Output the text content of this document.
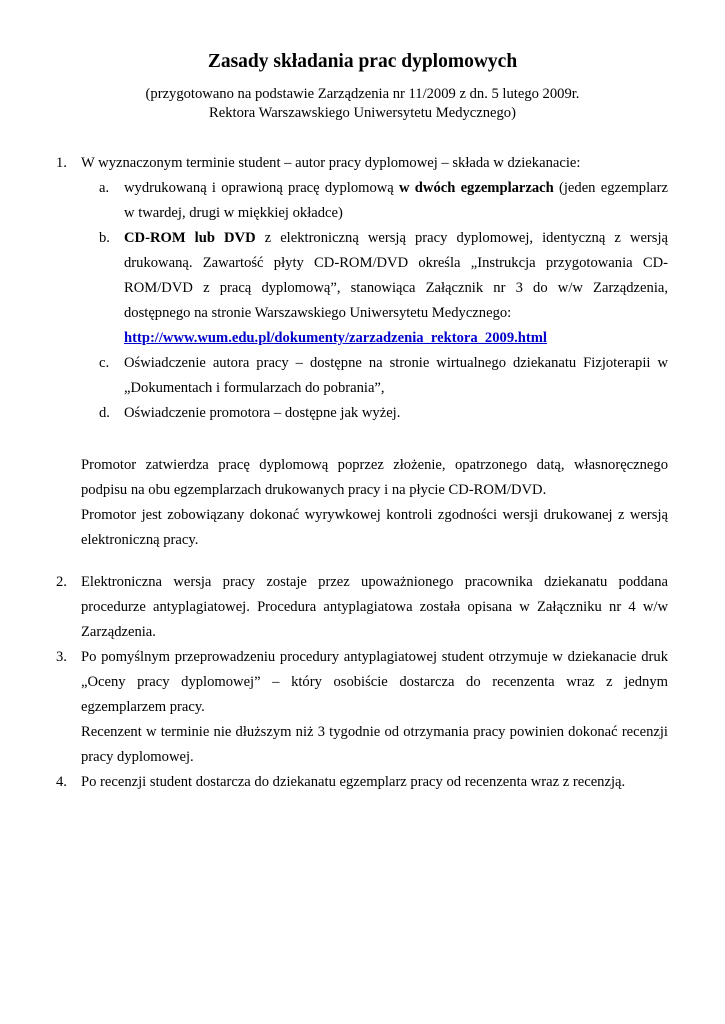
Zasady składania prac dyplomowych
(przygotowano na podstawie Zarządzenia nr 11/2009 z dn. 5 lutego 2009r.
Rektora Warszawskiego Uniwersytetu Medycznego)
1. W wyznaczonym terminie student – autor pracy dyplomowej – składa w dziekanacie:
a. wydrukowaną i oprawioną pracę dyplomową w dwóch egzemplarzach (jeden egzemplarz
w twardej, drugi w miękkiej okładce)
b. CD-ROM lub DVD z elektroniczną wersją pracy dyplomowej, identyczną z wersją
drukowaną. Zawartość płyty CD-ROM/DVD określa „Instrukcja przygotowania CD-
ROM/DVD z pracą dyplomową”, stanowiąca Załącznik nr 3 do w/w Zarządzenia,
dostępnego na stronie Warszawskiego Uniwersytetu Medycznego:
http://www.wum.edu.pl/dokumenty/zarzadzenia_rektora_2009.html
c. Oświadczenie autora pracy – dostępne na stronie wirtualnego dziekanatu Fizjoterapii w
„Dokumentach i formularzach do pobrania”,
d. Oświadczenie promotora – dostępne jak wyżej.
Promotor zatwierdza pracę dyplomową poprzez złożenie, opatrzonego datą, własnoręcznego
podpisu na obu egzemplarzach drukowanych pracy i na płycie CD-ROM/DVD.
Promotor jest zobowiązany dokonać wyrywkowej kontroli zgodności wersji drukowanej z wersją
elektroniczną pracy.
2. Elektroniczna wersja pracy zostaje przez upoważnionego pracownika dziekanatu poddana
procedurze antyplagiatowej. Procedura antyplagiatowa została opisana w Załączniku nr 4 w/w
Zarządzenia.
3. Po pomyślnym przeprowadzeniu procedury antyplagiatowej student otrzymuje w dziekanacie druk
„Oceny pracy dyplomowej” – który osobiście dostarcza do recenzenta wraz z jednym
egzemplarzem pracy.
Recenzent w terminie nie dłuższym niż 3 tygodnie od otrzymania pracy powinien dokonać recenzji
pracy dyplomowej.
4. Po recenzji student dostarcza do dziekanatu egzemplarz pracy od recenzenta wraz z recenzją.
